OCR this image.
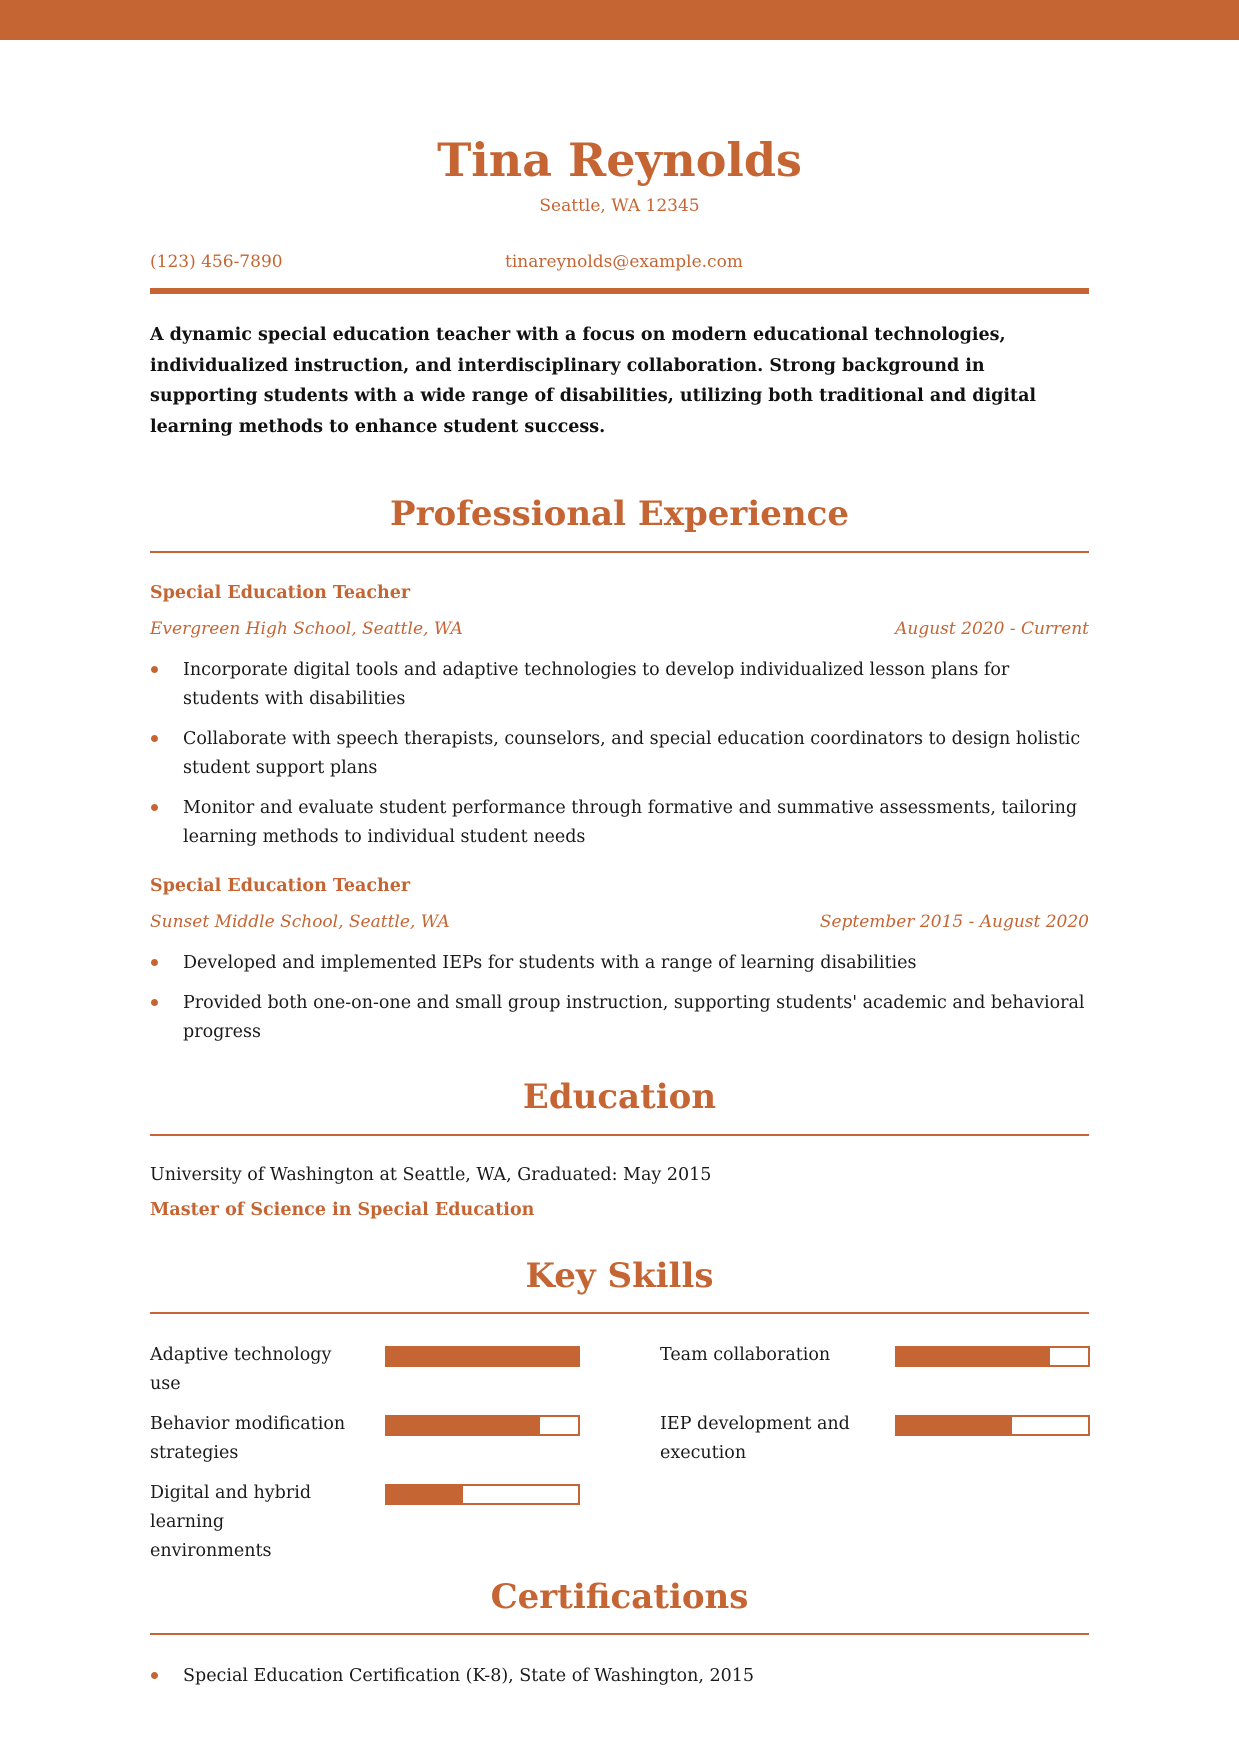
Tina Reynolds
Seattle, WA 12345
(123) 456-7890	tinareynolds@example.com
A dynamic special education teacher with a focus on modern educational technologies, individualized instruction, and interdisciplinary collaboration. Strong background in supporting students with a wide range of disabilities, utilizing both traditional and digital learning methods to enhance student success.
Professional Experience
Special Education Teacher
Evergreen High School, Seattle, WA	August 2020 - Current
Incorporate digital tools and adaptive technologies to develop individualized lesson plans for students with disabilities
Collaborate with speech therapists, counselors, and special education coordinators to design holistic student support plans
Monitor and evaluate student performance through formative and summative assessments, tailoring learning methods to individual student needs
Special Education Teacher
Sunset Middle School, Seattle, WA	September 2015 - August 2020
Developed and implemented IEPs for students with a range of learning disabilities
Provided both one-on-one and small group instruction, supporting students' academic and behavioral progress
Education
University of Washington at Seattle, WA, Graduated: May 2015
Master of Science in Special Education
Key Skills
Adaptive technology use
Team collaboration
Behavior modification strategies
IEP development and execution
Digital and hybrid learning environments
Certifications
Special Education Certification (K-8), State of Washington, 2015
